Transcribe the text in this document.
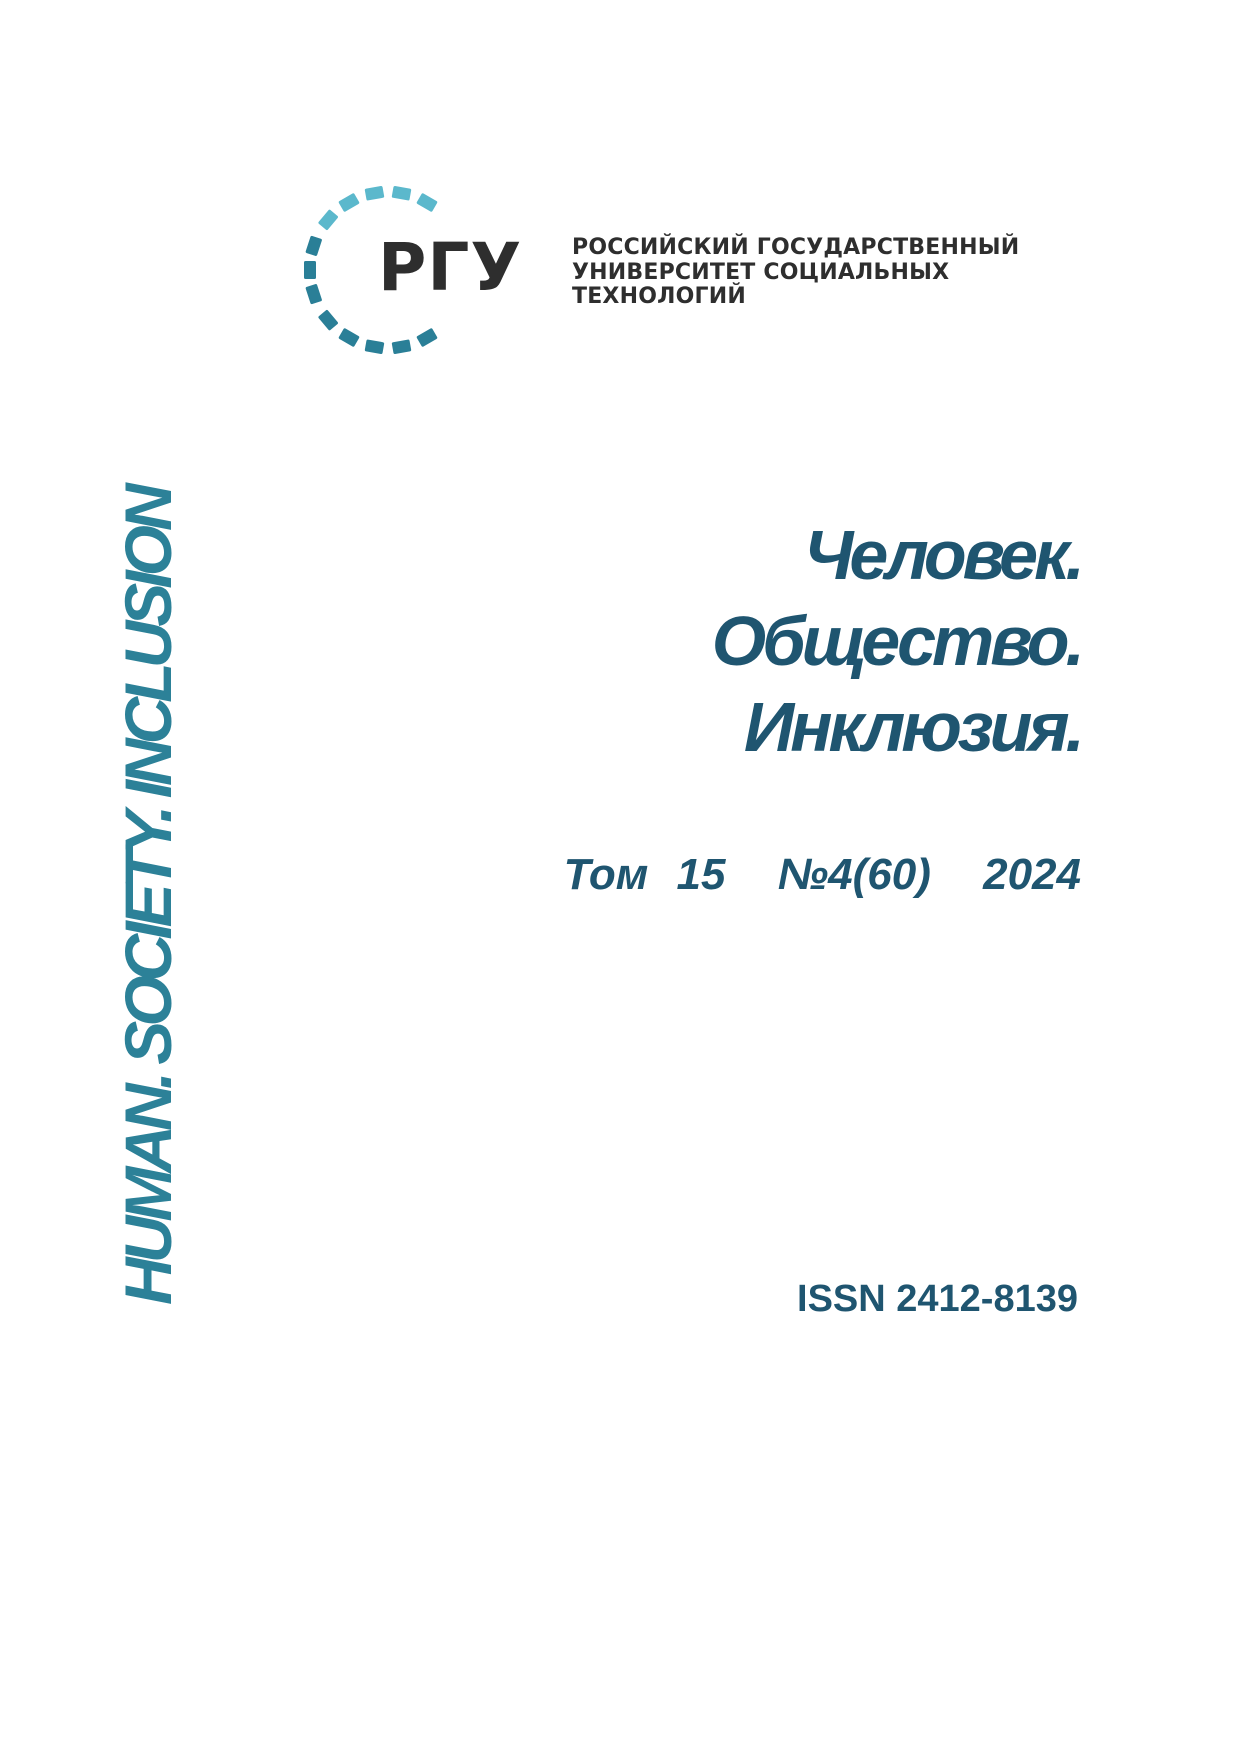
РГУ РОССИЙСКИЙ ГОСУДАРСТВЕННЫЙ
УНИВЕРСИТЕТ СОЦИАЛЬНЫХ
ТЕХНОЛОГИЙ
HUMAN. SOCIETY. INCLUSION	Человек.
Общество.
Инклюзия.
Том 15 №4(60) 2024
ISSN 2412-8139
